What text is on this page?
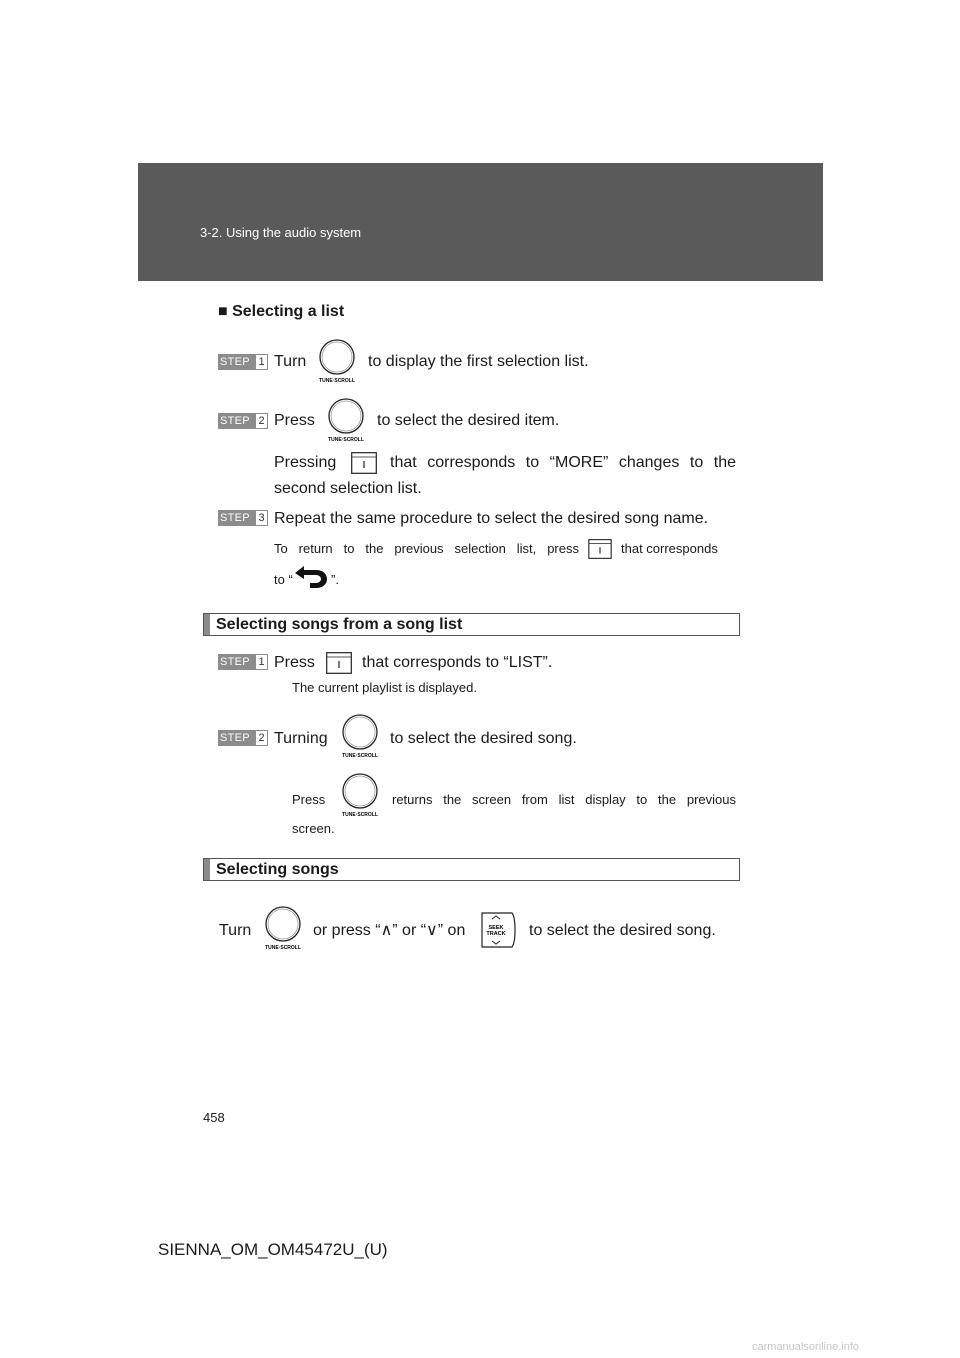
3-2. Using the audio system
■ Selecting a list
STEP 1 Turn
TUNE·SCROLL
to display the first selection list.
STEP 2 Press
TUNE·SCROLL
to select the desired item.
Pressing	that corresponds to “MORE” changes to the
second selection list.
STEP 3 Repeat the same procedure to select the desired song name.
To return to the previous selection list, press	that corresponds
to “	”.
Selecting songs from a song list
STEP 1 Press	that corresponds to “LIST”.
The current playlist is displayed.
STEP 2 Turning
TUNE·SCROLL
to select the desired song.
Press
TUNE·SCROLL
returns the screen from list display to the previous
screen.
Selecting songs
Turn
TUNE·SCROLL
or press “∧” or “∨” on	SEEK
TRACK to select the desired song.
458
SIENNA_OM_OM45472U_(U)
carmanualsonline.info
